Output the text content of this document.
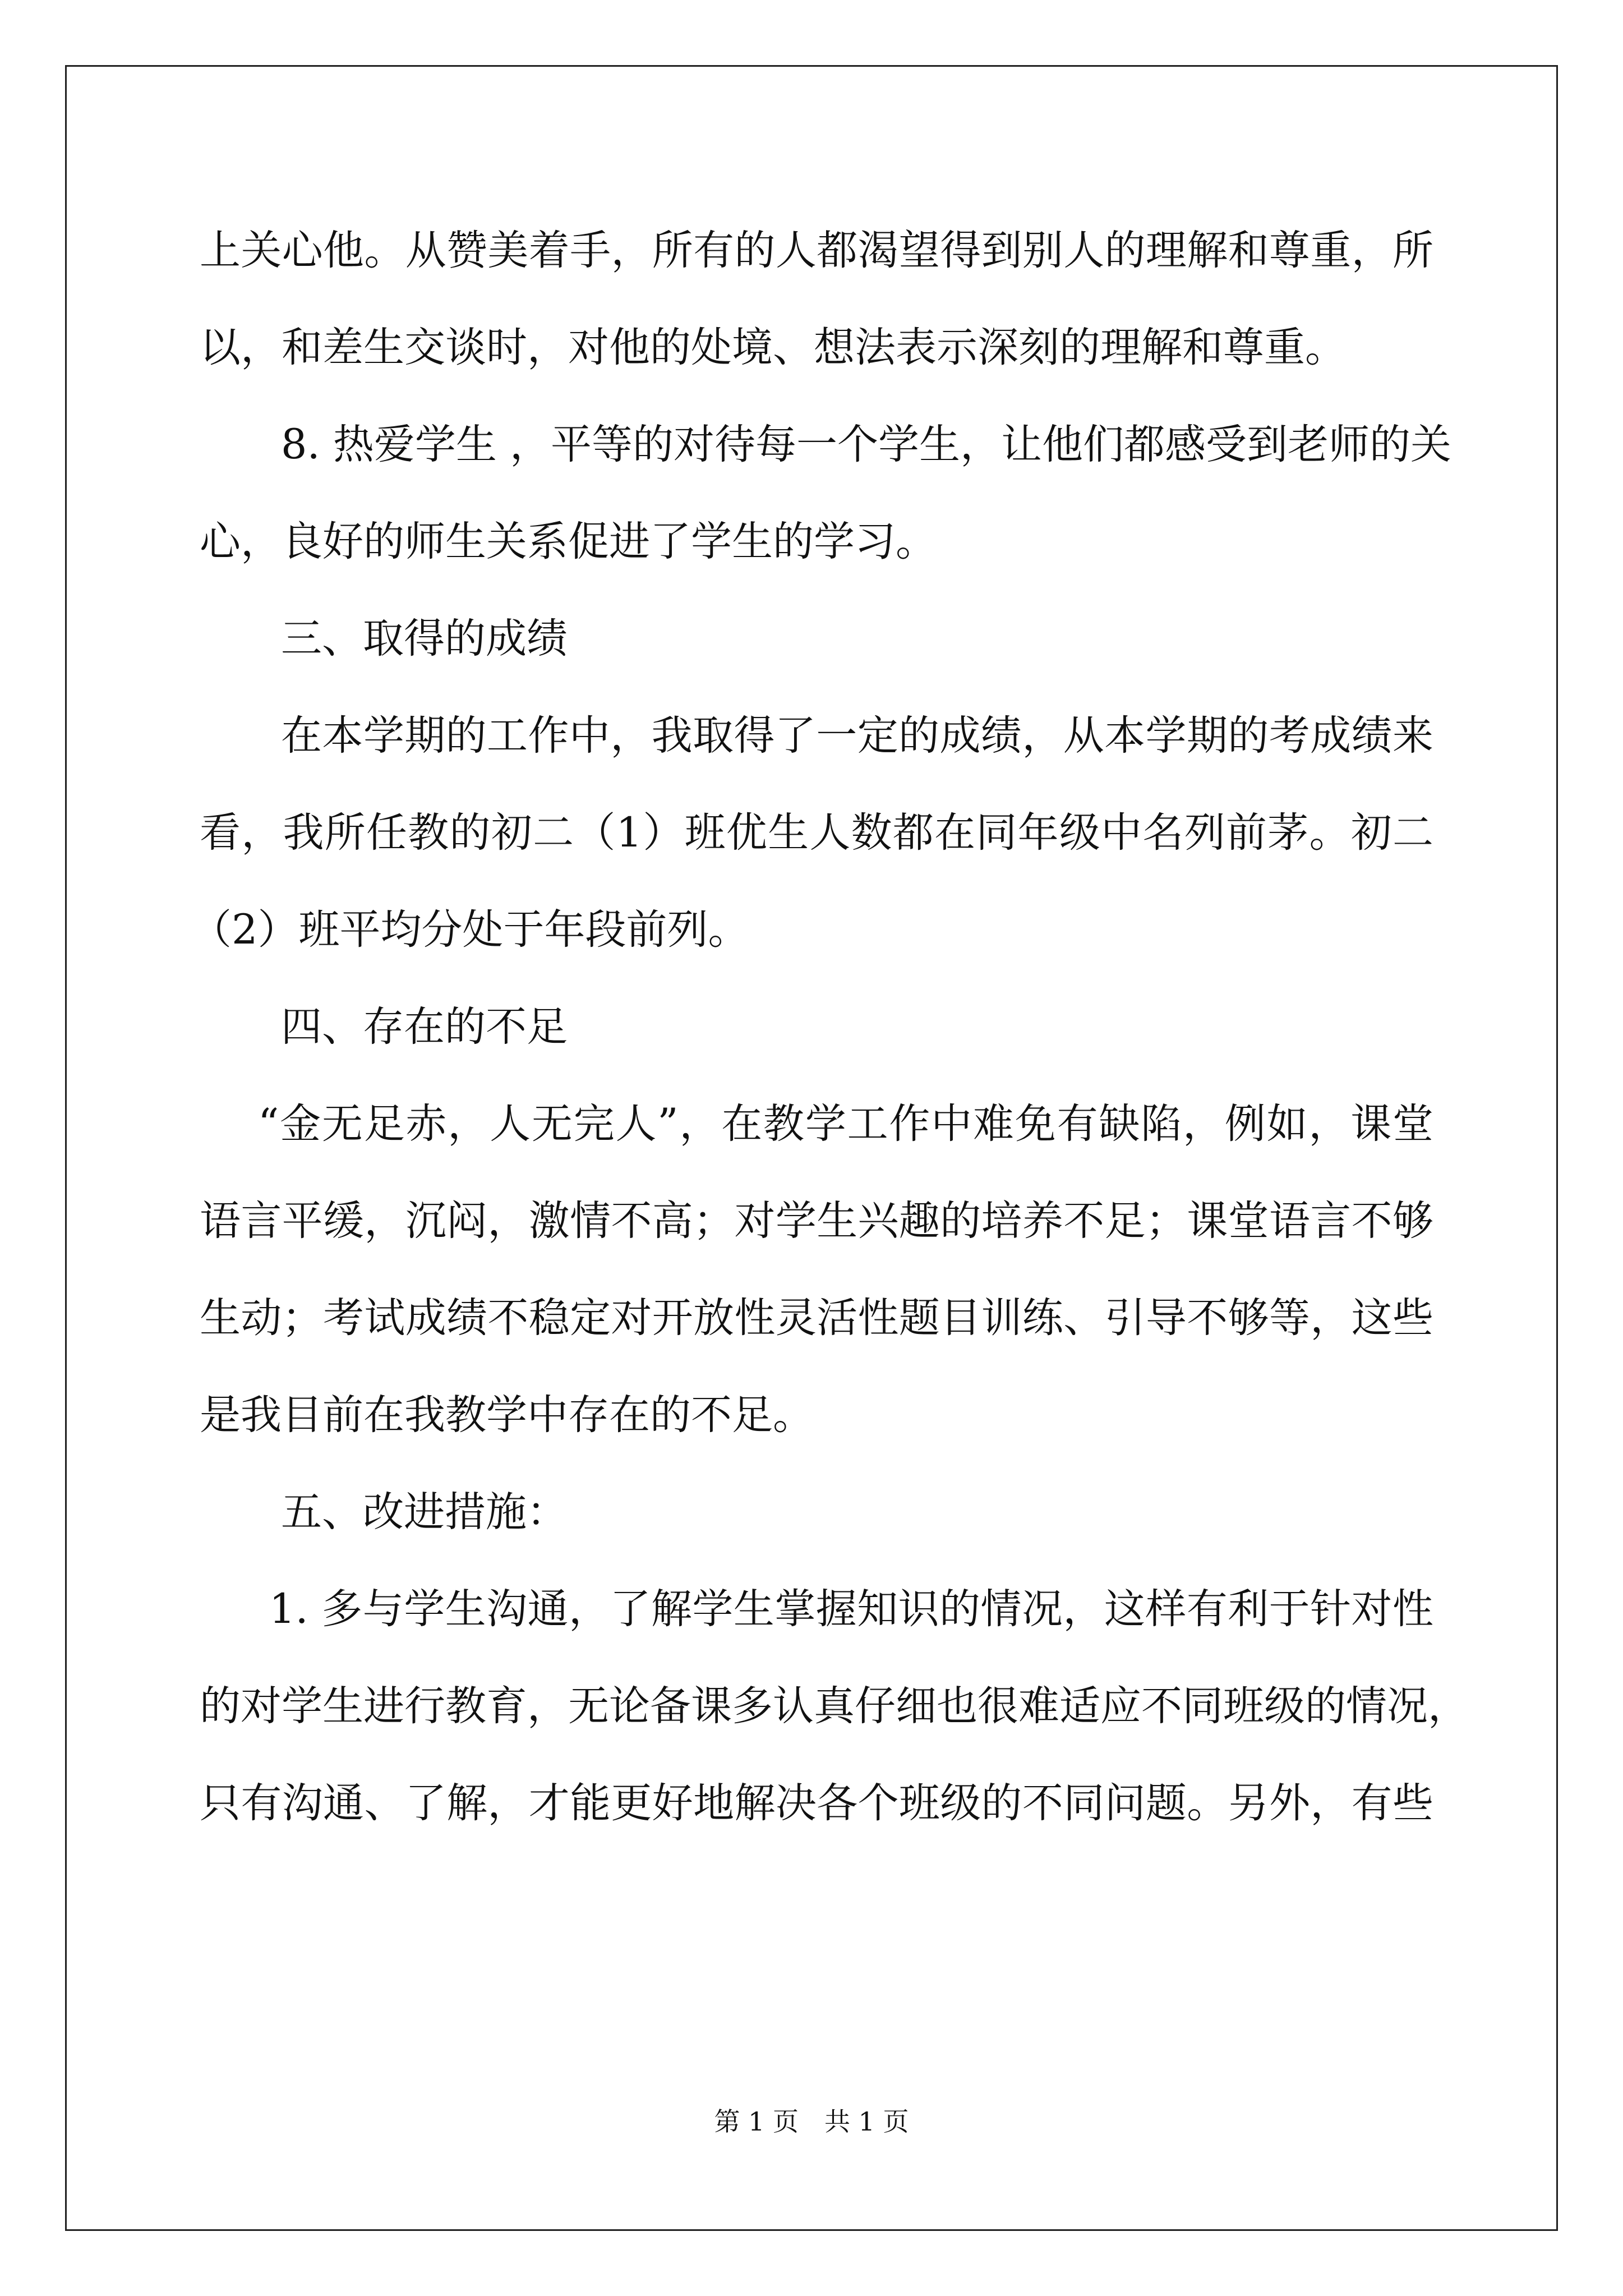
上关心他。从赞美着手，所有的人都渴望得到别人的理解和尊重，所
以，和差生交谈时，对他的处境、想法表示深刻的理解和尊重。
8. 热爱学生 ，平等的对待每一个学生，让他们都感受到老师的关
心，良好的师生关系促进了学生的学习。
三、取得的成绩
在本学期的工作中，我取得了一定的成绩，从本学期的考成绩来
看，我所任教的初二（1）班优生人数都在同年级中名列前茅。初二
（2）班平均分处于年段前列。
四、存在的不足
“金无足赤，人无完人”，在教学工作中难免有缺陷，例如，课堂
语言平缓，沉闷，激情不高；对学生兴趣的培养不足；课堂语言不够
生动；考试成绩不稳定对开放性灵活性题目训练、引导不够等，这些
是我目前在我教学中存在的不足。
五、改进措施：
1. 多与学生沟通，了解学生掌握知识的情况，这样有利于针对性
的对学生进行教育，无论备课多认真仔细也很难适应不同班级的情况，
只有沟通、了解，才能更好地解决各个班级的不同问题。另外，有些
第 1 页　共 1 页
